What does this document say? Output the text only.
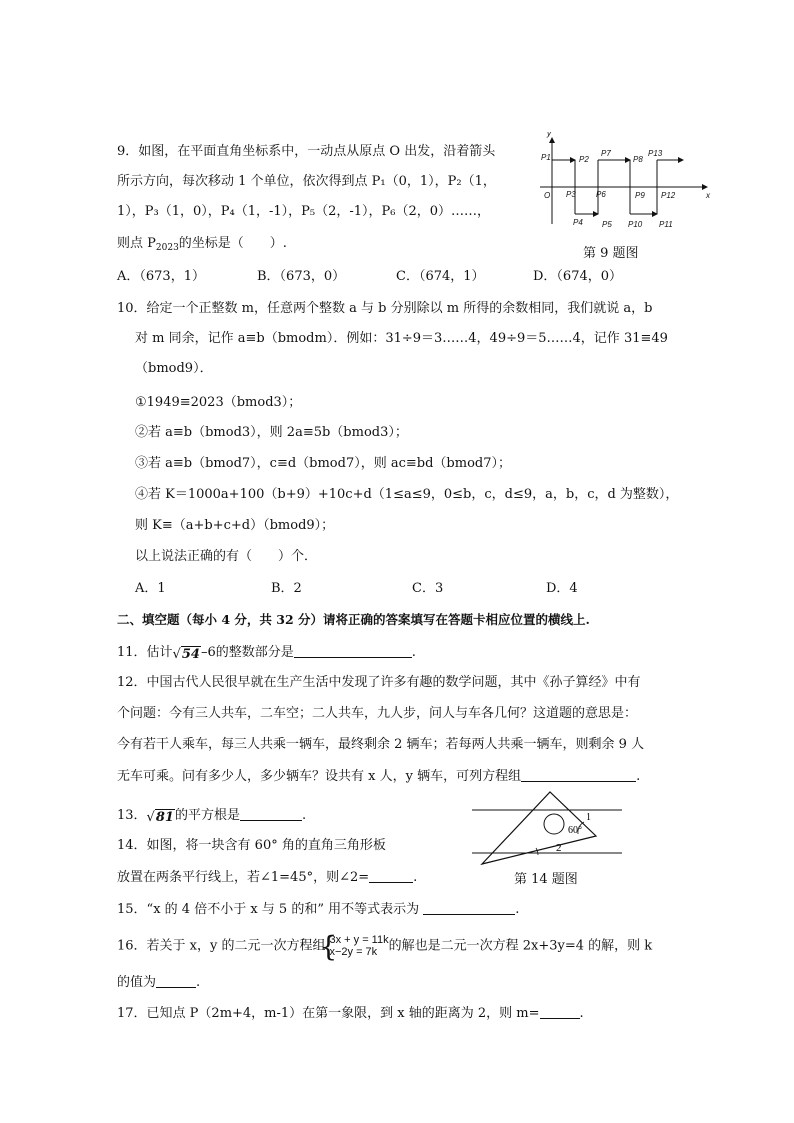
9．如图，在平面直角坐标系中，一动点从原点 O 出发，沿着箭头
所示方向，每次移动 1 个单位，依次得到点 P₁（0，1），P₂（1，
1），P₃（1，0），P₄（1，-1），P₅（2，-1），P₆（2，0）……，
则点 $P_{2023}$的坐标是（　　）.
y
x
O
P1	P2
P3
P4 P5
P6
P7
P8
P9
P10 P11
P12
P13
第 9 题图
A．（673，1）	B．（673，0）	C．（674，1）	D．（674，0）
10．给定一个正整数 m，任意两个整数 a 与 b 分别除以 m 所得的余数相同，我们就说 a，b
对 m 同余，记作 a≡b（bmodm）．例如：31÷9＝3……4，49÷9＝5……4，记作 31≡49
（bmod9）．
①1949≡2023（bmod3）；
②若 a≡b（bmod3），则 2a≡5b（bmod3）；
③若 a≡b（bmod7），c≡d（bmod7），则 ac≡bd（bmod7）；
④若 K＝1000a+100（b+9）+10c+d（1≤a≤9，0≤b，c，d≤9，a，b，c，d 为整数），
则 K≡（a+b+c+d）（bmod9）；
以上说法正确的有（　　）个．
A．1	B．2	C．3	D．4
二、填空题（每小 4 分，共 32 分）请将正确的答案填写在答题卡相应位置的横线上.
11．估计√54–6的整数部分是	.
12．中国古代人民很早就在生产生活中发现了许多有趣的数学问题，其中《孙子算经》中有
个问题：今有三人共车，二车空；二人共车，九人步，问人与车各几何？这道题的意思是：
今有若干人乘车，每三人共乘一辆车，最终剩余 2 辆车；若每两人共乘一辆车，则剩余 9 人
无车可乘。问有多少人，多少辆车？设共有 x 人，y 辆车，可列方程组	.
13．√81的平方根是	.
14．如图，将一块含有 60° 角的直角三角形板
放置在两条平行线上，若∠1=45°，则∠2=	.
60°
1
2
第 14 题图
15．“x 的 4 倍不小于 x 与 5 的和” 用不等式表示为	.
16．若关于 x，y 的二元一次方程组
{
3x + y = 11k
x−2y = 7k 的解也是二元一次方程 2x+3y=4 的解，则 k
的值为	.
17．已知点 P（2m+4，m-1）在第一象限，到 x 轴的距离为 2，则 m=	.
